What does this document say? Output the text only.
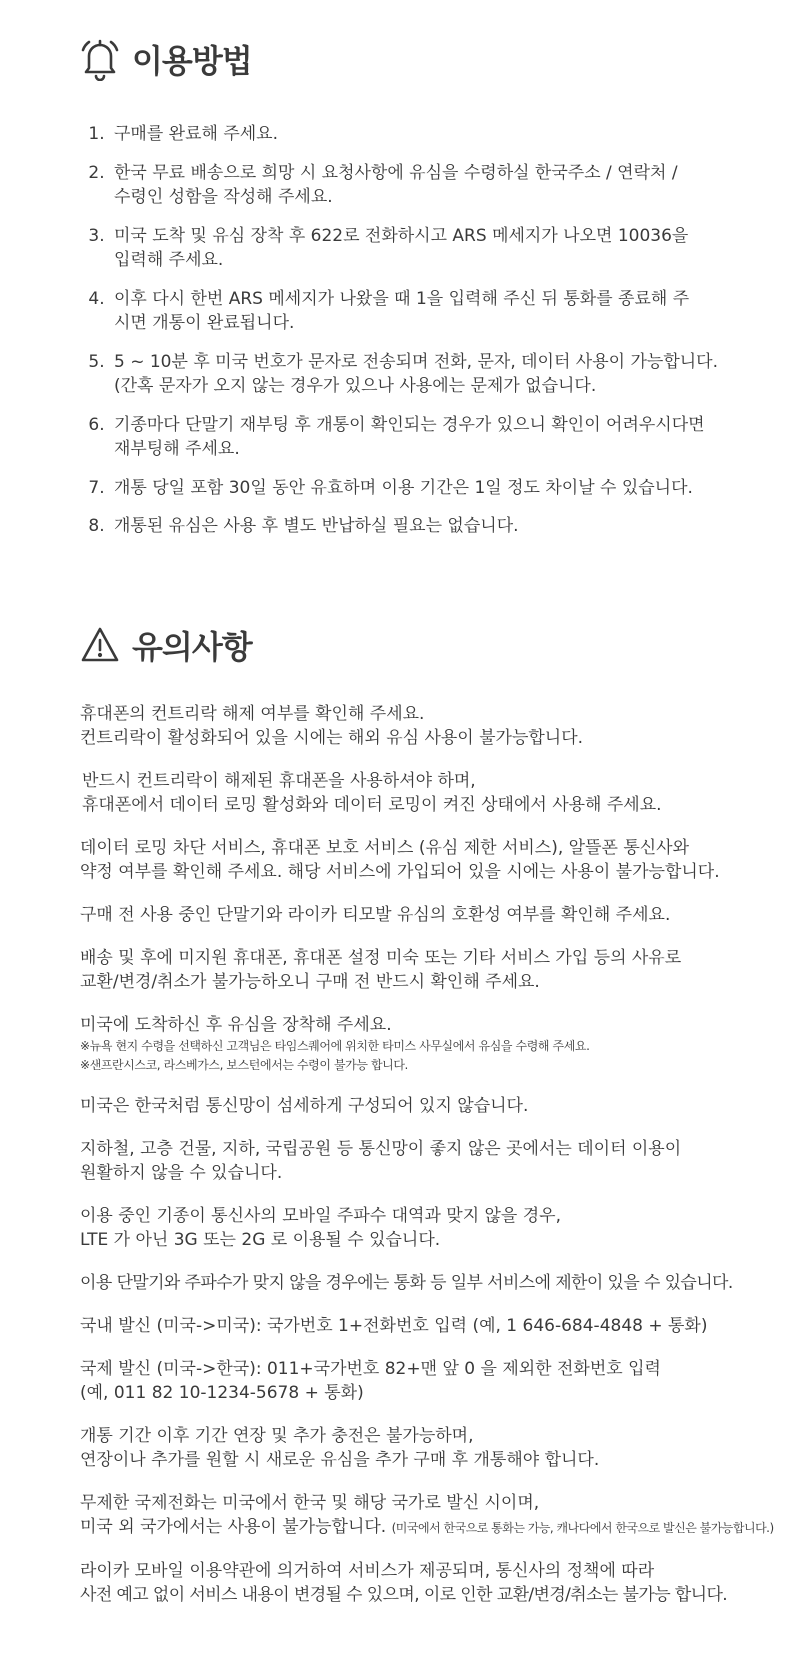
이용방법
1. 구매를 완료해 주세요.
2. 한국 무료 배송으로 희망 시 요청사항에 유심을 수령하실 한국주소 / 연락처 /
수령인 성함을 작성해 주세요.
3. 미국 도착 및 유심 장착 후 622로 전화하시고 ARS 메세지가 나오면 10036을
입력해 주세요.
4. 이후 다시 한번 ARS 메세지가 나왔을 때 1을 입력해 주신 뒤 통화를 종료해 주
시면 개통이 완료됩니다.
5. 5 ~ 10분 후 미국 번호가 문자로 전송되며 전화, 문자, 데이터 사용이 가능합니다.
(간혹 문자가 오지 않는 경우가 있으나 사용에는 문제가 없습니다.
6. 기종마다 단말기 재부팅 후 개통이 확인되는 경우가 있으니 확인이 어려우시다면
재부팅해 주세요.
7. 개통 당일 포함 30일 동안 유효하며 이용 기간은 1일 정도 차이날 수 있습니다.
8. 개통된 유심은 사용 후 별도 반납하실 필요는 없습니다.
유의사항

휴대폰의 컨트리락 해제 여부를 확인해 주세요.
컨트리락이 활성화되어 있을 시에는 해외 유심 사용이 불가능합니다.

반드시 컨트리락이 해제된 휴대폰을 사용하셔야 하며,
휴대폰에서 데이터 로밍 활성화와 데이터 로밍이 켜진 상태에서 사용해 주세요.

데이터 로밍 차단 서비스, 휴대폰 보호 서비스 (유심 제한 서비스), 알뜰폰 통신사와
약정 여부를 확인해 주세요. 해당 서비스에 가입되어 있을 시에는 사용이 불가능합니다.

구매 전 사용 중인 단말기와 라이카 티모발 유심의 호환성 여부를 확인해 주세요.

배송 및 후에 미지원 휴대폰, 휴대폰 설정 미숙 또는 기타 서비스 가입 등의 사유로
교환/변경/취소가 불가능하오니 구매 전 반드시 확인해 주세요.

미국에 도착하신 후 유심을 장착해 주세요.
※뉴욕 현지 수령을 선택하신 고객님은 타임스퀘어에 위치한 타미스 사무실에서 유심을 수령해 주세요.
※샌프란시스코, 라스베가스, 보스턴에서는 수령이 불가능 합니다.

미국은 한국처럼 통신망이 섬세하게 구성되어 있지 않습니다.

지하철, 고층 건물, 지하, 국립공원 등 통신망이 좋지 않은 곳에서는 데이터 이용이
원활하지 않을 수 있습니다.

이용 중인 기종이 통신사의 모바일 주파수 대역과 맞지 않을 경우,
LTE 가 아닌 3G 또는 2G 로 이용될 수 있습니다.

이용 단말기와 주파수가 맞지 않을 경우에는 통화 등 일부 서비스에 제한이 있을 수 있습니다.

국내 발신 (미국->미국): 국가번호 1+전화번호 입력 (예, 1 646-684-4848 + 통화)

국제 발신 (미국->한국): 011+국가번호 82+맨 앞 0 을 제외한 전화번호 입력
(예, 011 82 10-1234-5678 + 통화)

개통 기간 이후 기간 연장 및 추가 충전은 불가능하며,
연장이나 추가를 원할 시 새로운 유심을 추가 구매 후 개통해야 합니다.

무제한 국제전화는 미국에서 한국 및 해당 국가로 발신 시이며,
미국 외 국가에서는 사용이 불가능합니다. (미국에서 한국으로 통화는 가능, 캐나다에서 한국으로 발신은 불가능합니다.)

라이카 모바일 이용약관에 의거하여 서비스가 제공되며, 통신사의 정책에 따라
사전 예고 없이 서비스 내용이 변경될 수 있으며, 이로 인한 교환/변경/취소는 불가능 합니다.
